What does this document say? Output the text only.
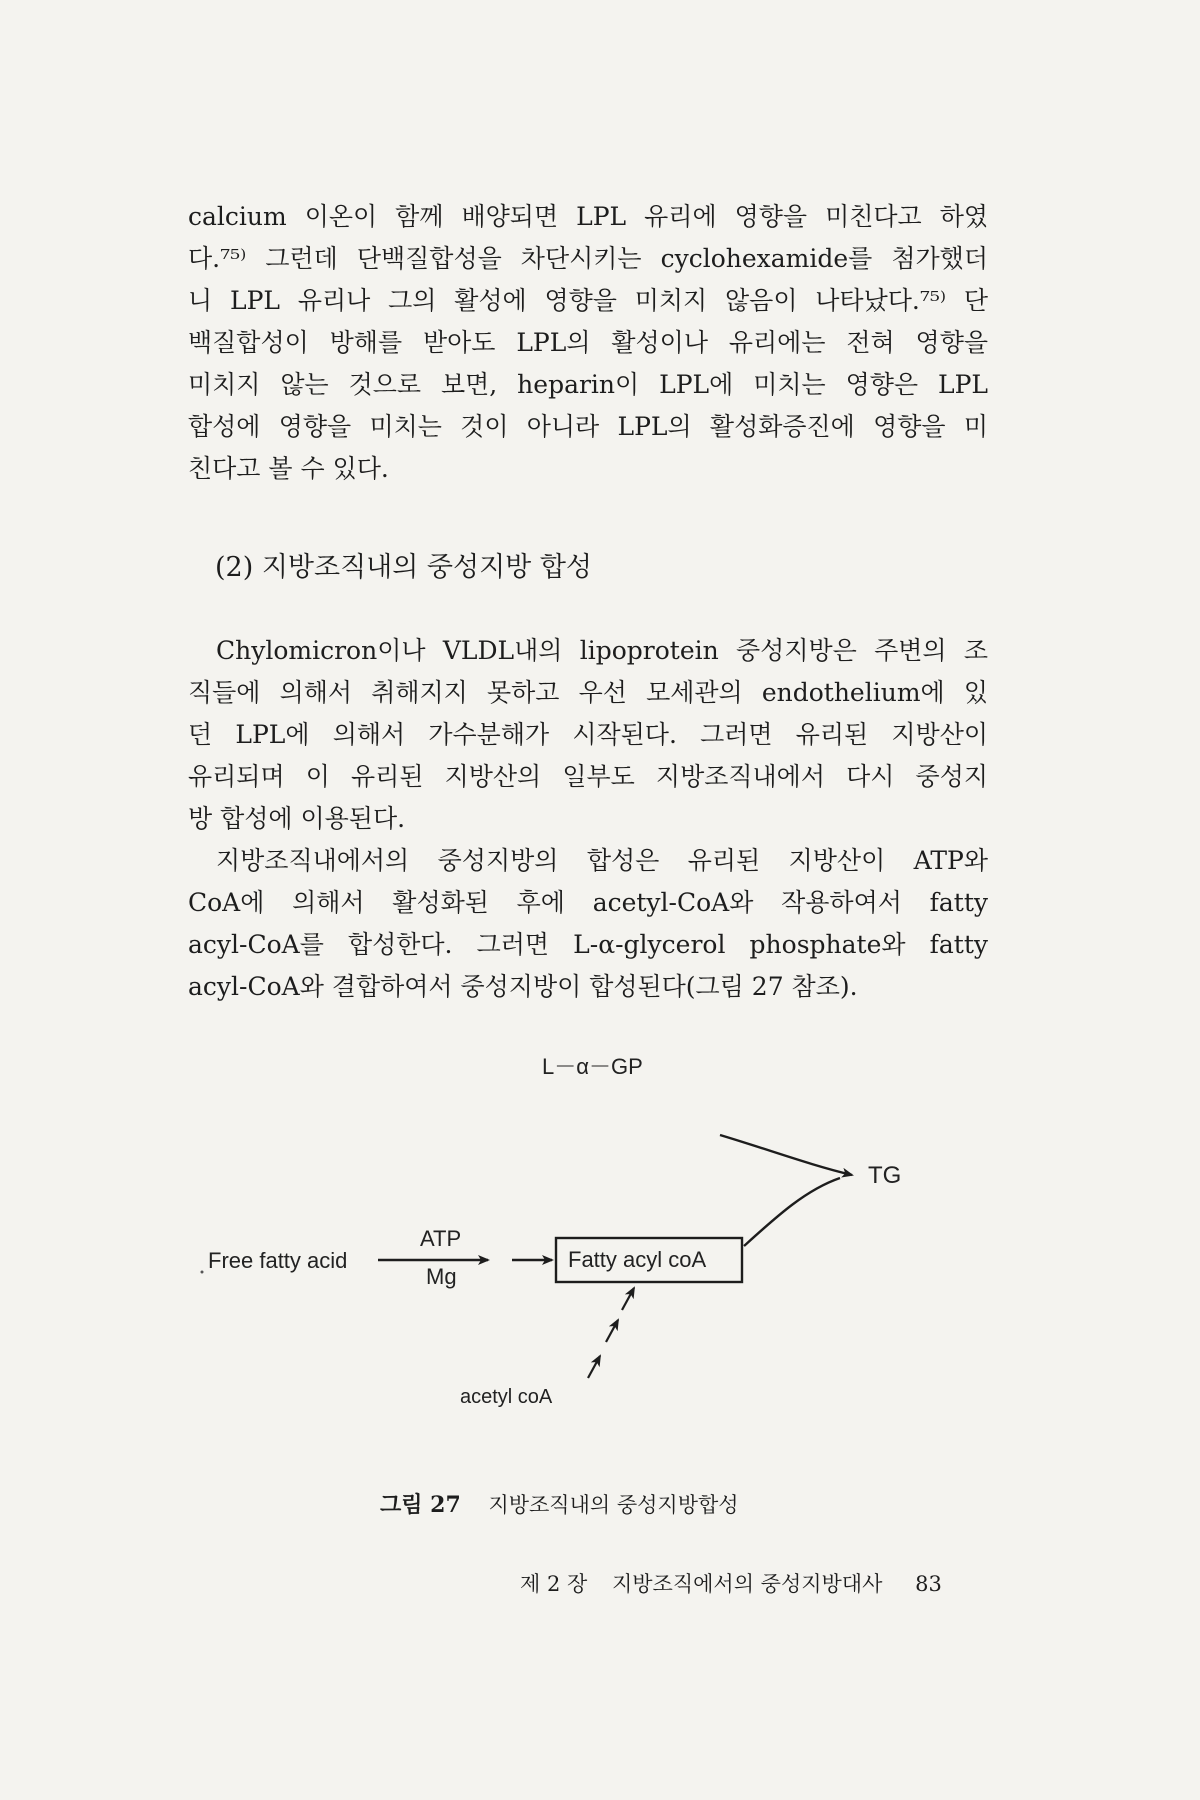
calcium 이온이 함께 배양되면 LPL 유리에 영향을 미친다고 하였
다.⁷⁵⁾ 그런데 단백질합성을 차단시키는 cyclohexamide를 첨가했더
니 LPL 유리나 그의 활성에 영향을 미치지 않음이 나타났다.⁷⁵⁾ 단
백질합성이 방해를 받아도 LPL의 활성이나 유리에는 전혀 영향을
미치지 않는 것으로 보면, heparin이 LPL에 미치는 영향은 LPL
합성에 영향을 미치는 것이 아니라 LPL의 활성화증진에 영향을 미
친다고 볼 수 있다.
(2) 지방조직내의 중성지방 합성
Chylomicron이나 VLDL내의 lipoprotein 중성지방은 주변의 조
직들에 의해서 취해지지 못하고 우선 모세관의 endothelium에 있
던 LPL에 의해서 가수분해가 시작된다. 그러면 유리된 지방산이
유리되며 이 유리된 지방산의 일부도 지방조직내에서 다시 중성지
방 합성에 이용된다.
지방조직내에서의 중성지방의 합성은 유리된 지방산이 ATP와
CoA에 의해서 활성화된 후에 acetyl-CoA와 작용하여서 fatty
acyl-CoA를 합성한다. 그러면 L-α-glycerol phosphate와 fatty
acyl-CoA와 결합하여서 중성지방이 합성된다(그림 27 참조).
L－α－GP
TG
Free fatty acid
ATP
Mg
Fatty acyl coA
acetyl coA
그림 27 지방조직내의 중성지방합성
제 2 장 지방조직에서의 중성지방대사 83
